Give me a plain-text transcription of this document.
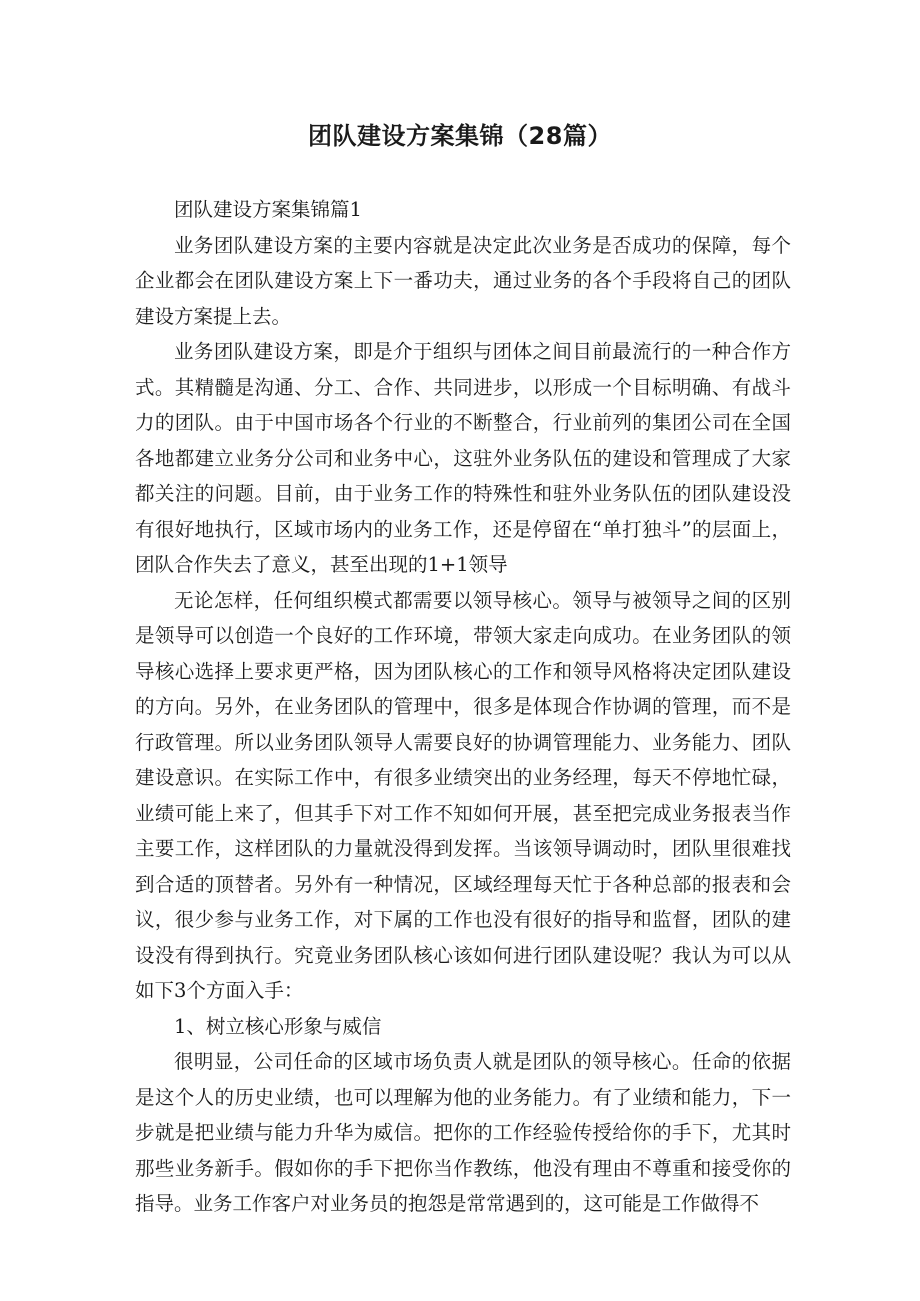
团队建设方案集锦（28篇）

团队建设方案集锦篇1

业务团队建设方案的主要内容就是决定此次业务是否成功的保障，每个企业都会在团队建设方案上下一番功夫，通过业务的各个手段将自己的团队建设方案提上去。

业务团队建设方案，即是介于组织与团体之间目前最流行的一种合作方式。其精髓是沟通、分工、合作、共同进步，以形成一个目标明确、有战斗力的团队。由于中国市场各个行业的不断整合，行业前列的集团公司在全国各地都建立业务分公司和业务中心，这驻外业务队伍的建设和管理成了大家都关注的问题。目前，由于业务工作的特殊性和驻外业务队伍的团队建设没有很好地执行，区域市场内的业务工作，还是停留在“单打独斗”的层面上，团队合作失去了意义，甚至出现的1+1领导

无论怎样，任何组织模式都需要以领导核心。领导与被领导之间的区别是领导可以创造一个良好的工作环境，带领大家走向成功。在业务团队的领导核心选择上要求更严格，因为团队核心的工作和领导风格将决定团队建设的方向。另外，在业务团队的管理中，很多是体现合作协调的管理，而不是行政管理。所以业务团队领导人需要良好的协调管理能力、业务能力、团队建设意识。在实际工作中，有很多业绩突出的业务经理，每天不停地忙碌，业绩可能上来了，但其手下对工作不知如何开展，甚至把完成业务报表当作主要工作，这样团队的力量就没得到发挥。当该领导调动时，团队里很难找到合适的顶替者。另外有一种情况，区域经理每天忙于各种总部的报表和会议，很少参与业务工作，对下属的工作也没有很好的指导和监督，团队的建设没有得到执行。究竟业务团队核心该如何进行团队建设呢？我认为可以从如下3个方面入手：

1、树立核心形象与威信

很明显，公司任命的区域市场负责人就是团队的领导核心。任命的依据是这个人的历史业绩，也可以理解为他的业务能力。有了业绩和能力，下一步就是把业绩与能力升华为威信。把你的工作经验传授给你的手下，尤其时那些业务新手。假如你的手下把你当作教练，他没有理由不尊重和接受你的指导。业务工作客户对业务员的抱怨是常常遇到的，这可能是工作做得不
